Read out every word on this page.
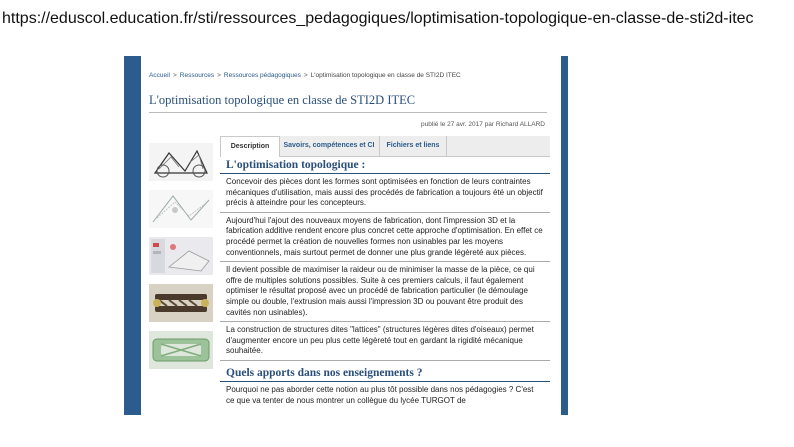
https://eduscol.education.fr/sti/ressources_pedagogiques/loptimisation-topologique-en-classe-de-sti2d-itec
Accueil > Ressources > Ressources pédagogiques > L'optimisation topologique en classe de STI2D ITEC
L'optimisation topologique en classe de STI2D ITEC
publié le 27 avr. 2017 par Richard ALLARD
Description	Savoirs, compétences et CI	Fichiers et liens
L'optimisation topologique :

Concevoir des pièces dont les formes sont optimisées en fonction de leurs contraintes mécaniques d'utilisation, mais aussi des procédés de fabrication a toujours été un objectif précis à atteindre pour les concepteurs.

Aujourd'hui l'ajout des nouveaux moyens de fabrication, dont l'impression 3D et la fabrication additive rendent encore plus concret cette approche d'optimisation. En effet ce procédé permet la création de nouvelles formes non usinables par les moyens conventionnels, mais surtout permet de donner une plus grande légèreté aux pièces.

Il devient possible de maximiser la raideur ou de minimiser la masse de la pièce, ce qui offre de multiples solutions possibles. Suite à ces premiers calculs, il faut également optimiser le résultat proposé avec un procédé de fabrication particulier (le démoulage simple ou double, l'extrusion mais aussi l'impression 3D ou pouvant être produit des cavités non usinables).

La construction de structures dites "lattices" (structures légères dites d'oiseaux) permet d'augmenter encore un peu plus cette légèreté tout en gardant la rigidité mécanique souhaitée.

Quels apports dans nos enseignements ?

Pourquoi ne pas aborder cette notion au plus tôt possible dans nos pédagogies ? C'est ce que va tenter de nous montrer un collègue du lycée TURGOT de
